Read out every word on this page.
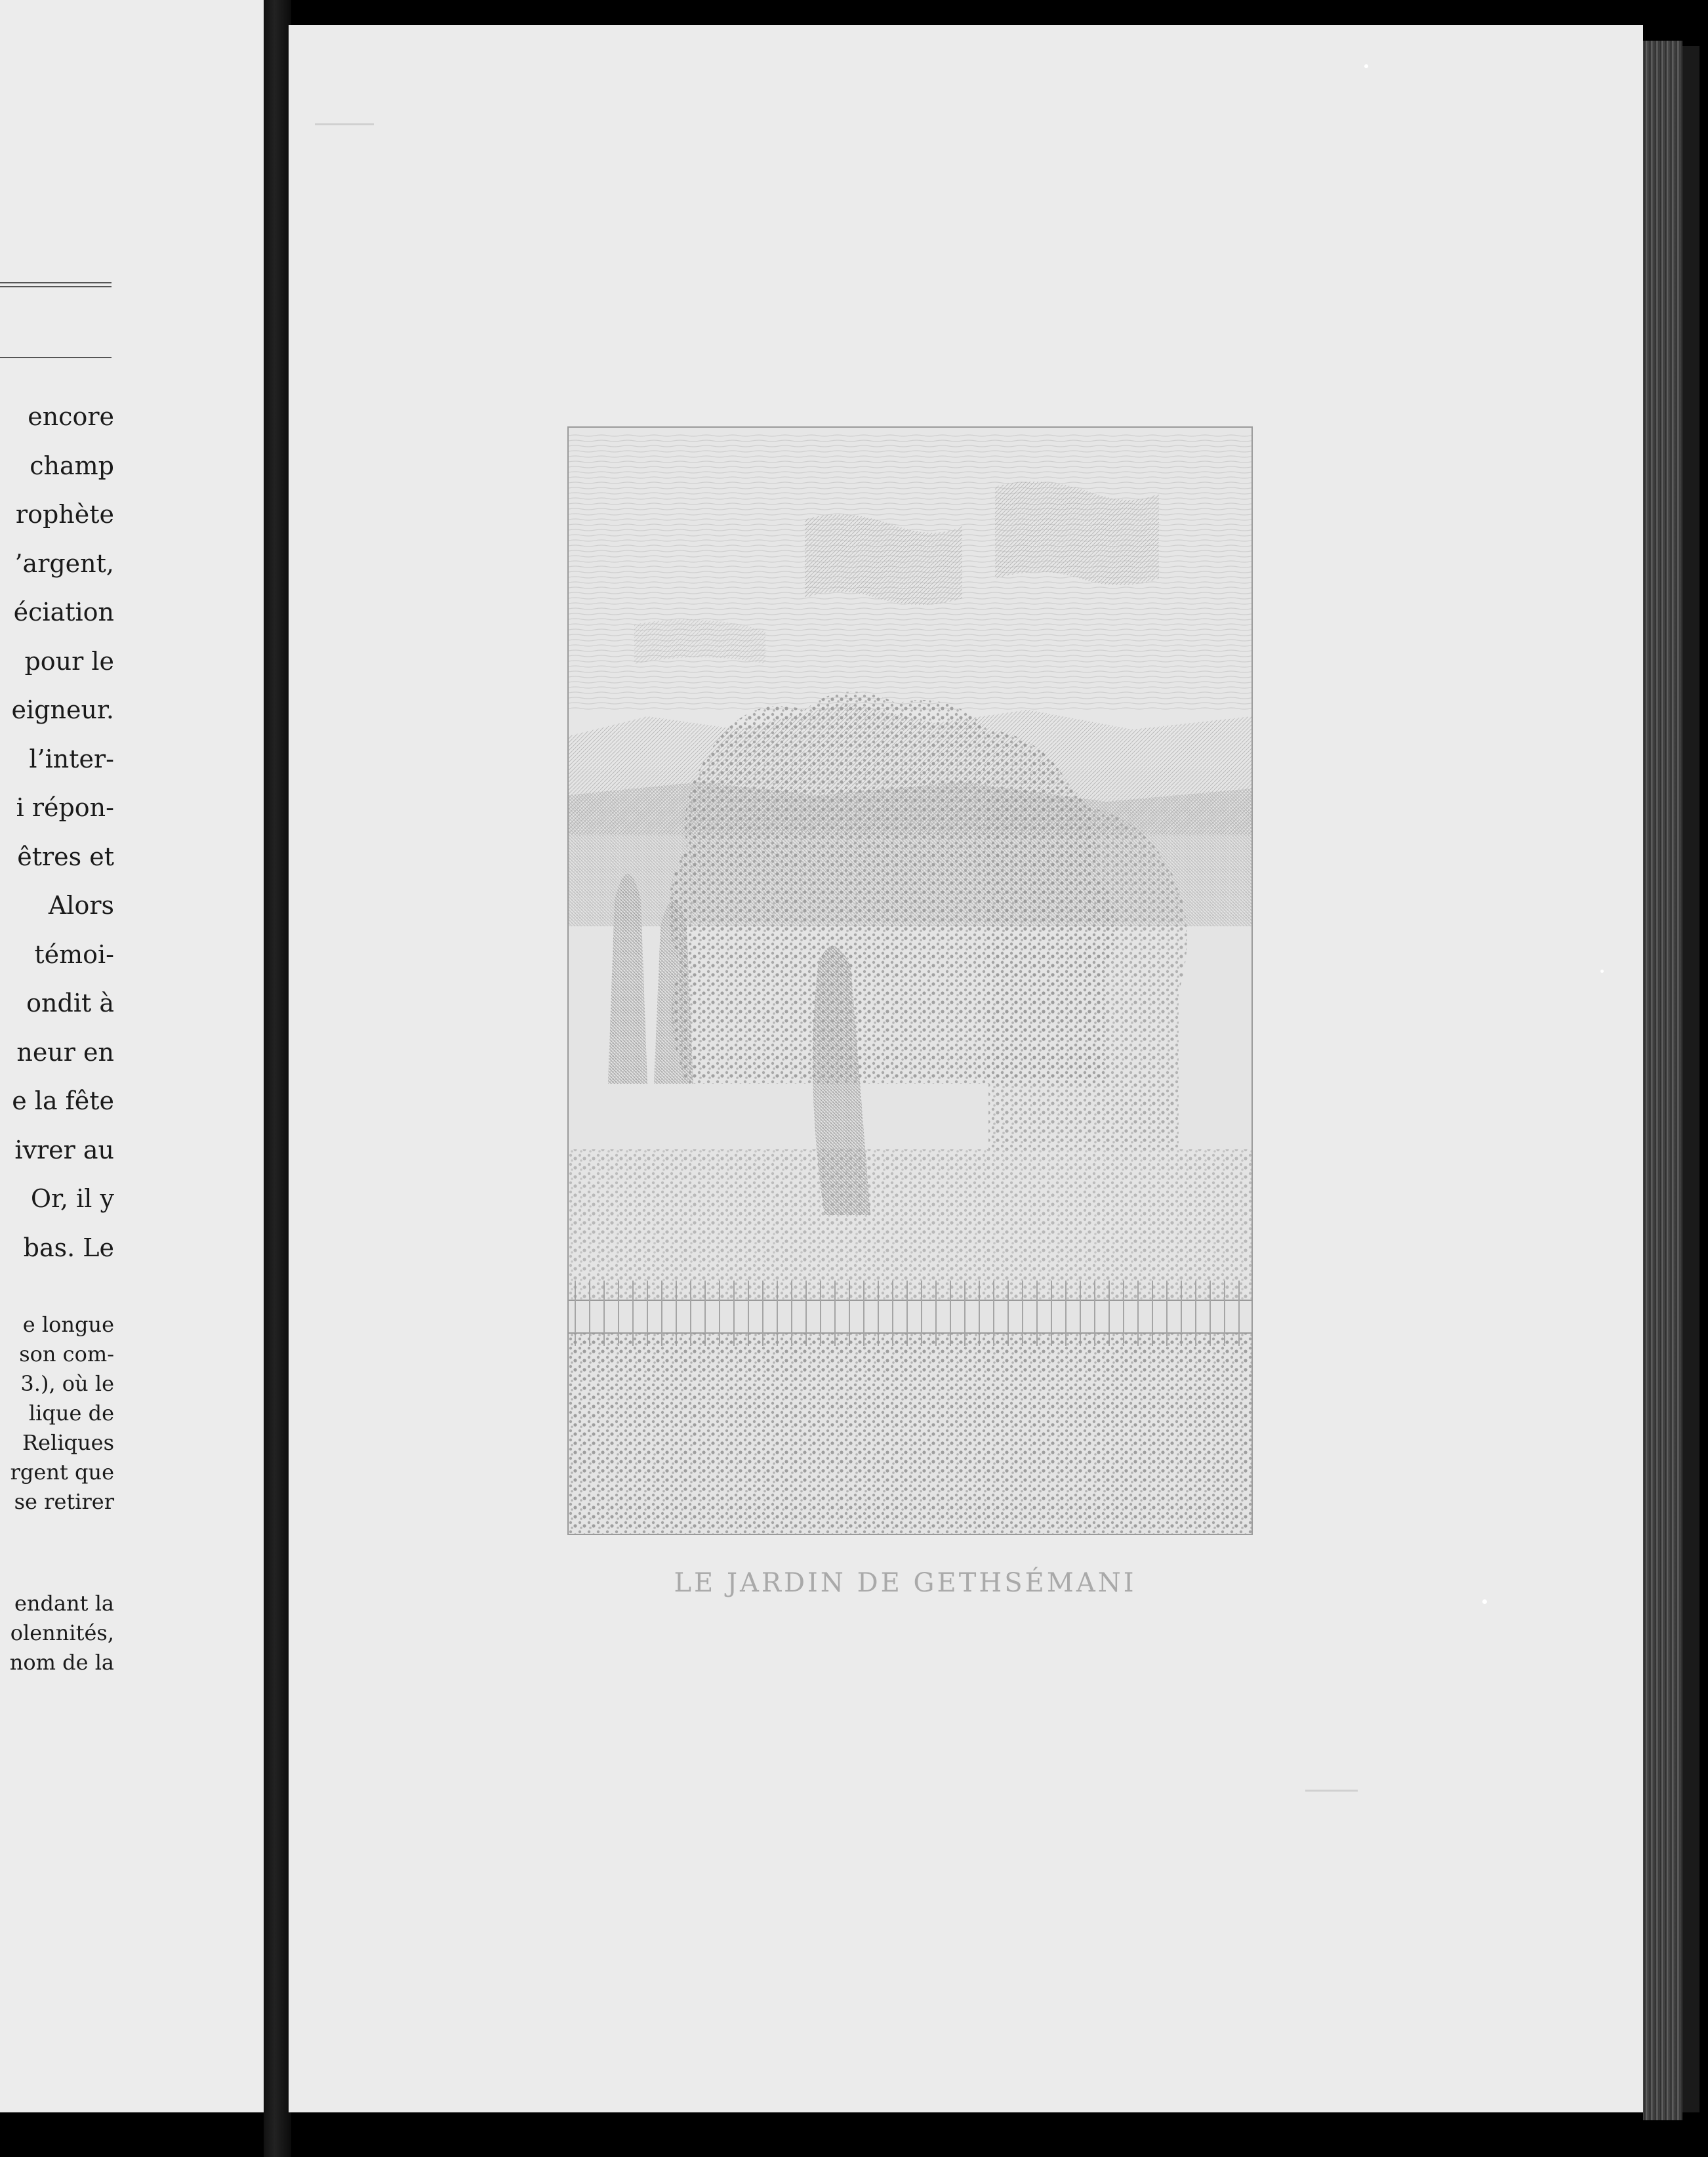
encore
champ
rophète
’argent,
éciation
pour le
eigneur.
l’inter-
i répon-
êtres et
Alors
témoi-
ondit à
neur en
e la fête
ivrer au
Or, il y
bas. Le
e longue
son com-
3.), où le
lique de
Reliques
rgent que
se retirer
endant la
olennités,
nom de la
LE JARDIN DE GETHSÉMANI
